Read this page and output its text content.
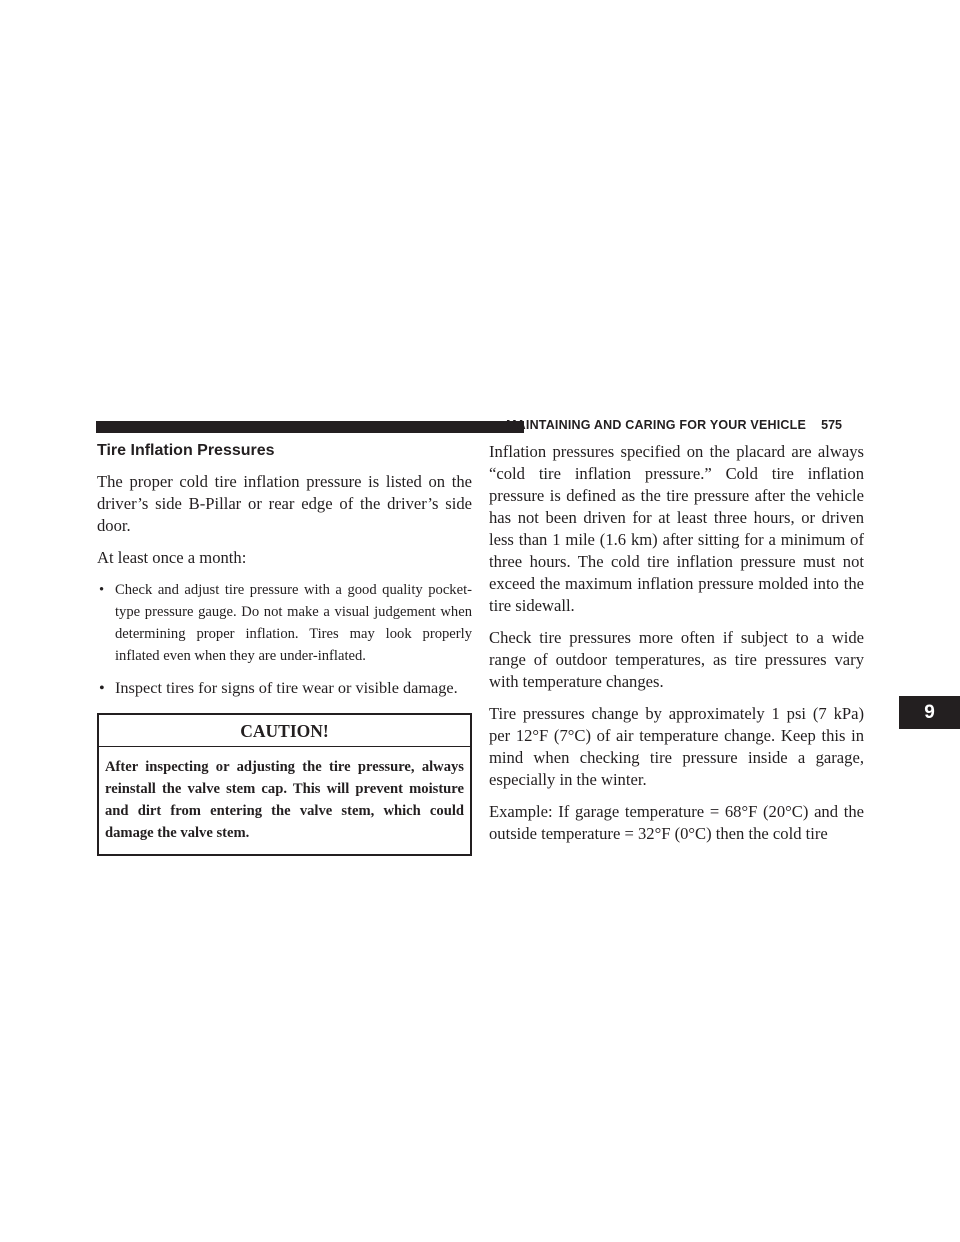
MAINTAINING AND CARING FOR YOUR VEHICLE 575
9
Tire Inflation Pressures

The proper cold tire inflation pressure is listed on the driver’s side B-Pillar or rear edge of the driver’s side door.

At least once a month:

• Check and adjust tire pressure with a good quality pocket-type pressure gauge. Do not make a visual judgement when determining proper inflation. Tires may look properly inflated even when they are under-inflated.
• Inspect tires for signs of tire wear or visible damage.
CAUTION!
After inspecting or adjusting the tire pressure, always reinstall the valve stem cap. This will prevent moisture and dirt from entering the valve stem, which could damage the valve stem.

Inflation pressures specified on the placard are always “cold tire inflation pressure.” Cold tire inflation pressure is defined as the tire pressure after the vehicle has not been driven for at least three hours, or driven less than 1 mile (1.6 km) after sitting for a minimum of three hours. The cold tire inflation pressure must not exceed the maximum inflation pressure molded into the tire sidewall.

Check tire pressures more often if subject to a wide range of outdoor temperatures, as tire pressures vary with temperature changes.

Tire pressures change by approximately 1 psi (7 kPa) per 12°F (7°C) of air temperature change. Keep this in mind when checking tire pressure inside a garage, especially in the winter.

Example: If garage temperature = 68°F (20°C) and the outside temperature = 32°F (0°C) then the cold tire
